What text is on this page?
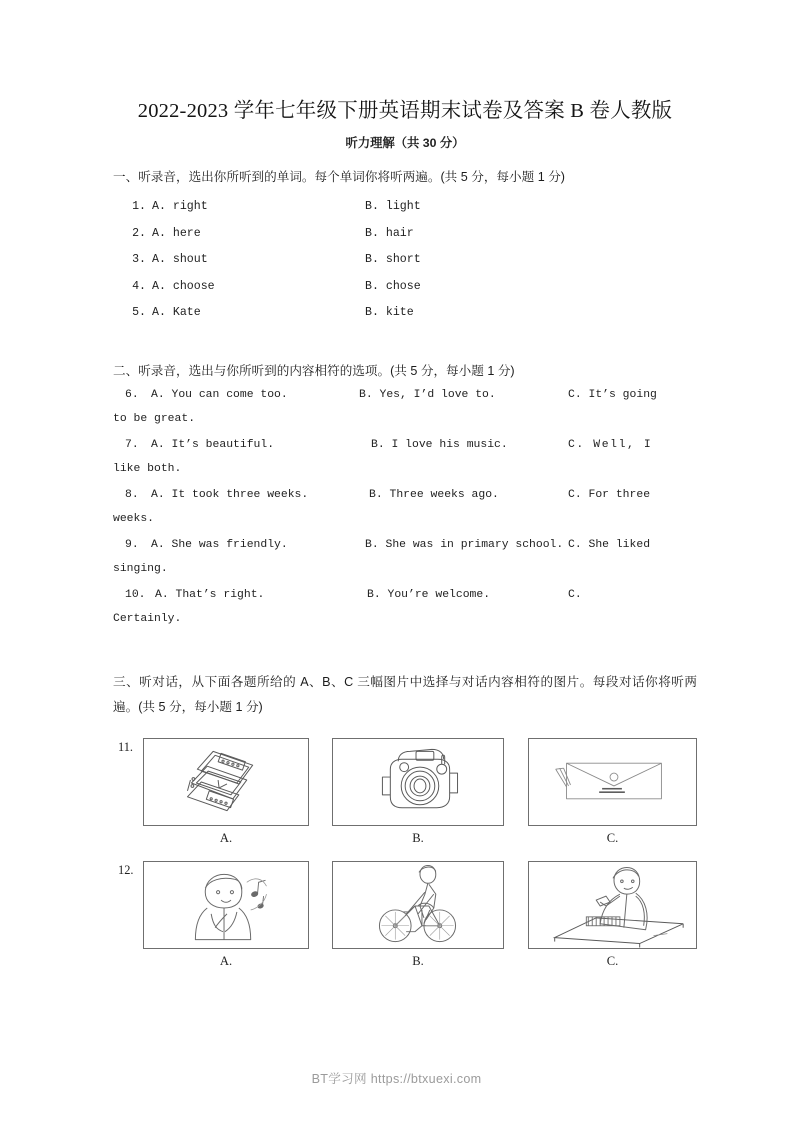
2022-2023 学年七年级下册英语期末试卷及答案 B 卷人教版
听力理解（共 30 分）
一、听录音，选出你所听到的单词。每个单词你将听两遍。(共 5 分，每小题 1 分)
1. A. right	B. light
2. A. here	B. hair
3. A. shout	B. short
4. A. choose	B. chose
5. A. Kate	B. kite
二、听录音，选出与你所听到的内容相符的选项。(共 5 分，每小题 1 分)
6. A. You can come too.	B. Yes, I’d love to.	C. It’s going
to be great.
7. A. It’s beautiful.	B. I love his music.	C. Well, I
like both.
8. A. It took three weeks.	B. Three weeks ago.	C. For three
weeks.
9. A. She was friendly.	B. She was in primary school. C. She liked
singing.
10. A. That’s right.	B. You’re welcome.	C.
Certainly.
三、听对话，从下面各题所给的 A、B、C 三幅图片中选择与对话内容相符的图片。每段对话你将听两遍。(共 5 分，每小题 1 分)
11.
A.	B.	C.
12.
A.	B.	C.
BT学习网 https://btxuexi.com
